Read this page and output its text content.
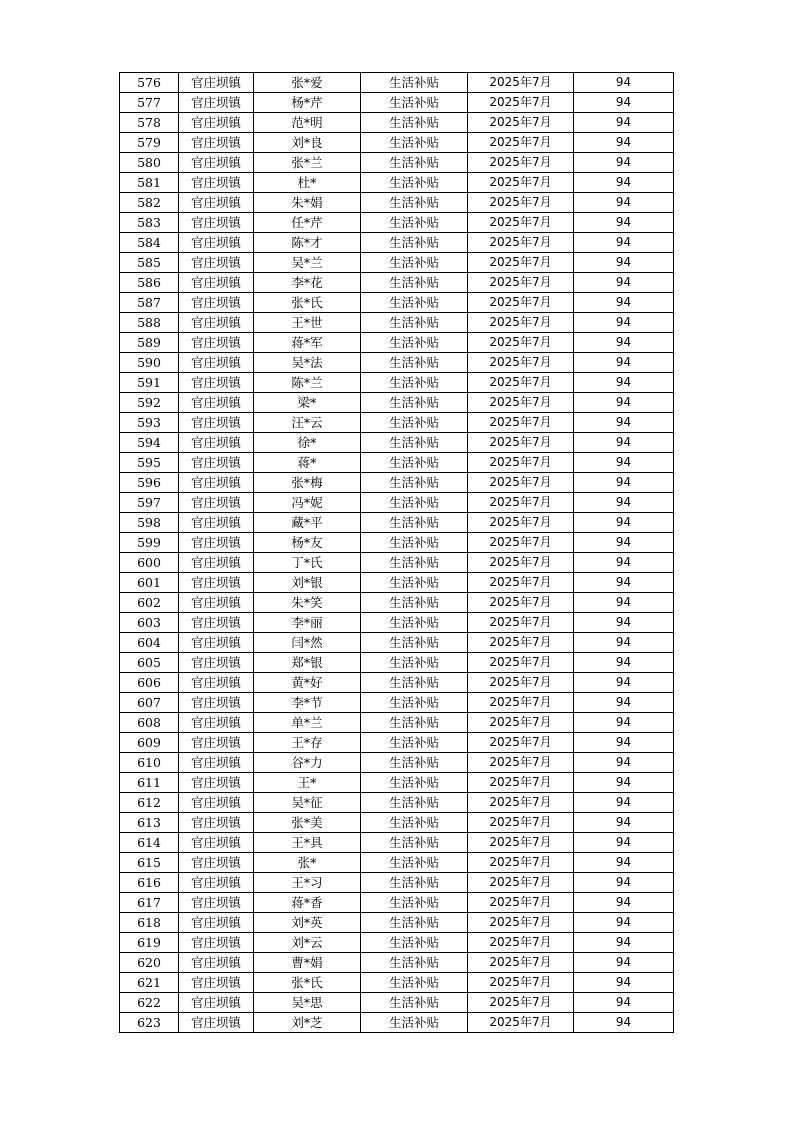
576	官庄坝镇	张*爱	生活补贴	2025年7月	94
577	官庄坝镇	杨*芹	生活补贴	2025年7月	94
578	官庄坝镇	范*明	生活补贴	2025年7月	94
579	官庄坝镇	刘*良	生活补贴	2025年7月	94
580	官庄坝镇	张*兰	生活补贴	2025年7月	94
581	官庄坝镇	杜*	生活补贴	2025年7月	94
582	官庄坝镇	朱*娟	生活补贴	2025年7月	94
583	官庄坝镇	任*芹	生活补贴	2025年7月	94
584	官庄坝镇	陈*才	生活补贴	2025年7月	94
585	官庄坝镇	吴*兰	生活补贴	2025年7月	94
586	官庄坝镇	李*花	生活补贴	2025年7月	94
587	官庄坝镇	张*氏	生活补贴	2025年7月	94
588	官庄坝镇	王*世	生活补贴	2025年7月	94
589	官庄坝镇	蒋*军	生活补贴	2025年7月	94
590	官庄坝镇	吴*法	生活补贴	2025年7月	94
591	官庄坝镇	陈*兰	生活补贴	2025年7月	94
592	官庄坝镇	梁*	生活补贴	2025年7月	94
593	官庄坝镇	汪*云	生活补贴	2025年7月	94
594	官庄坝镇	徐*	生活补贴	2025年7月	94
595	官庄坝镇	蒋*	生活补贴	2025年7月	94
596	官庄坝镇	张*梅	生活补贴	2025年7月	94
597	官庄坝镇	冯*妮	生活补贴	2025年7月	94
598	官庄坝镇	藏*平	生活补贴	2025年7月	94
599	官庄坝镇	杨*友	生活补贴	2025年7月	94
600	官庄坝镇	丁*氏	生活补贴	2025年7月	94
601	官庄坝镇	刘*银	生活补贴	2025年7月	94
602	官庄坝镇	朱*笑	生活补贴	2025年7月	94
603	官庄坝镇	李*丽	生活补贴	2025年7月	94
604	官庄坝镇	闫*然	生活补贴	2025年7月	94
605	官庄坝镇	郑*银	生活补贴	2025年7月	94
606	官庄坝镇	黄*好	生活补贴	2025年7月	94
607	官庄坝镇	李*节	生活补贴	2025年7月	94
608	官庄坝镇	单*兰	生活补贴	2025年7月	94
609	官庄坝镇	王*存	生活补贴	2025年7月	94
610	官庄坝镇	谷*力	生活补贴	2025年7月	94
611	官庄坝镇	王*	生活补贴	2025年7月	94
612	官庄坝镇	吴*征	生活补贴	2025年7月	94
613	官庄坝镇	张*美	生活补贴	2025年7月	94
614	官庄坝镇	王*具	生活补贴	2025年7月	94
615	官庄坝镇	张*	生活补贴	2025年7月	94
616	官庄坝镇	王*习	生活补贴	2025年7月	94
617	官庄坝镇	蒋*香	生活补贴	2025年7月	94
618	官庄坝镇	刘*英	生活补贴	2025年7月	94
619	官庄坝镇	刘*云	生活补贴	2025年7月	94
620	官庄坝镇	曹*娟	生活补贴	2025年7月	94
621	官庄坝镇	张*氏	生活补贴	2025年7月	94
622	官庄坝镇	吴*思	生活补贴	2025年7月	94
623	官庄坝镇	刘*芝	生活补贴	2025年7月	94
